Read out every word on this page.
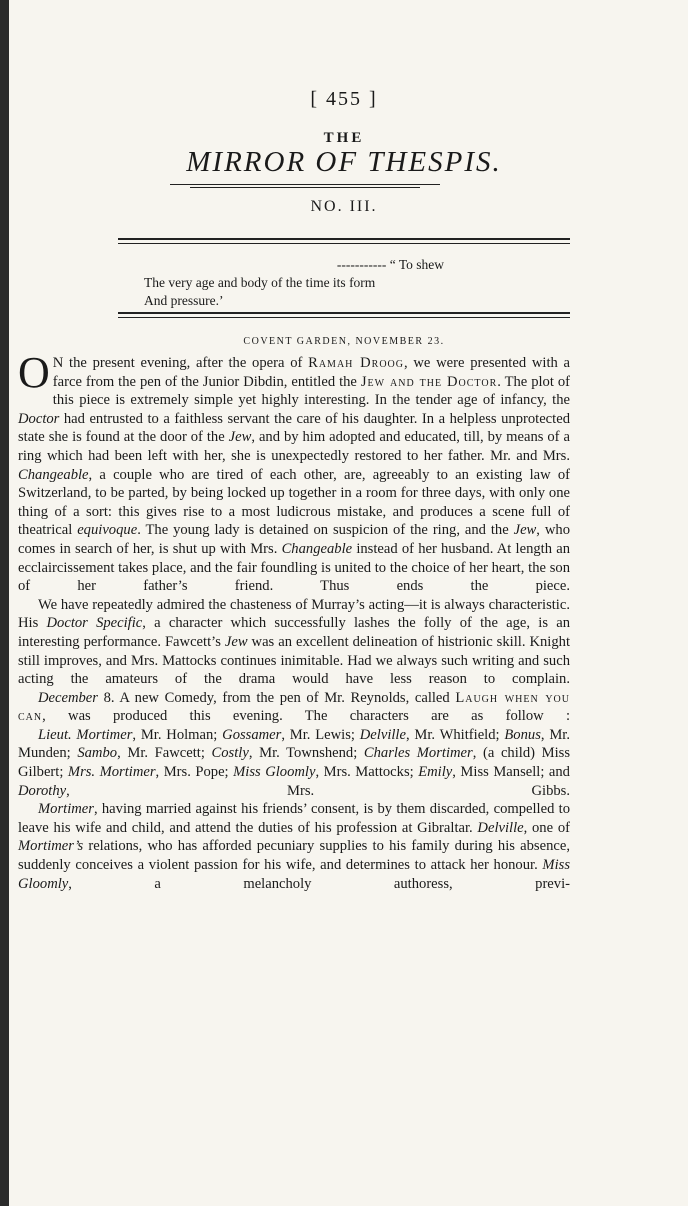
[ 455 ]
THE
MIRROR OF THESPIS.
NO. III.
----------- “ To shew
The very age and body of the time its form
And pressure.’
COVENT GARDEN, NOVEMBER 23.

O N the present evening, after the opera of Ramah Droog, we were presented with a farce from the pen of the Junior Dibdin, entitled the Jew and the Doctor. The plot of this piece is extremely simple yet highly interesting. In the tender age of infancy, the Doctor had entrusted to a faithless servant the care of his daughter. In a helpless unprotected state she is found at the door of the Jew, and by him adopted and educated, till, by means of a ring which had been left with her, she is unexpectedly restored to her father. Mr. and Mrs. Changeable, a couple who are tired of each other, are, agreeably to an existing law of Switzerland, to be parted, by being locked up together in a room for three days, with only one thing of a sort: this gives rise to a most ludicrous mistake, and produces a scene full of theatrical equivoque. The young lady is detained on suspicion of the ring, and the Jew, who comes in search of her, is shut up with Mrs. Changeable instead of her husband. At length an ecclaircissement takes place, and the fair foundling is united to the choice of her heart, the son of her father’s friend. Thus ends the piece.

We have repeatedly admired the chasteness of Murray’s acting—it is always characteristic. His Doctor Specific, a character which successfully lashes the folly of the age, is an interesting performance. Fawcett’s Jew was an excellent delineation of histrionic skill. Knight still improves, and Mrs. Mattocks continues inimitable. Had we always such writing and such acting the amateurs of the drama would have less reason to complain.

December 8. A new Comedy, from the pen of Mr. Reynolds, called Laugh when you can, was produced this evening. The characters are as follow :

Lieut. Mortimer, Mr. Holman; Gossamer, Mr. Lewis; Delville, Mr. Whitfield; Bonus, Mr. Munden; Sambo, Mr. Fawcett; Costly, Mr. Townshend; Charles Mortimer, (a child) Miss Gilbert; Mrs. Mortimer, Mrs. Pope; Miss Gloomly, Mrs. Mattocks; Emily, Miss Mansell; and Dorothy, Mrs. Gibbs.

Mortimer, having married against his friends’ consent, is by them discarded, compelled to leave his wife and child, and attend the duties of his profession at Gibraltar. Delville, one of Mortimer’s relations, who has afforded pecuniary supplies to his family during his absence, suddenly conceives a violent passion for his wife, and determines to attack her honour. Miss Gloomly, a melancholy authoress, previ-
